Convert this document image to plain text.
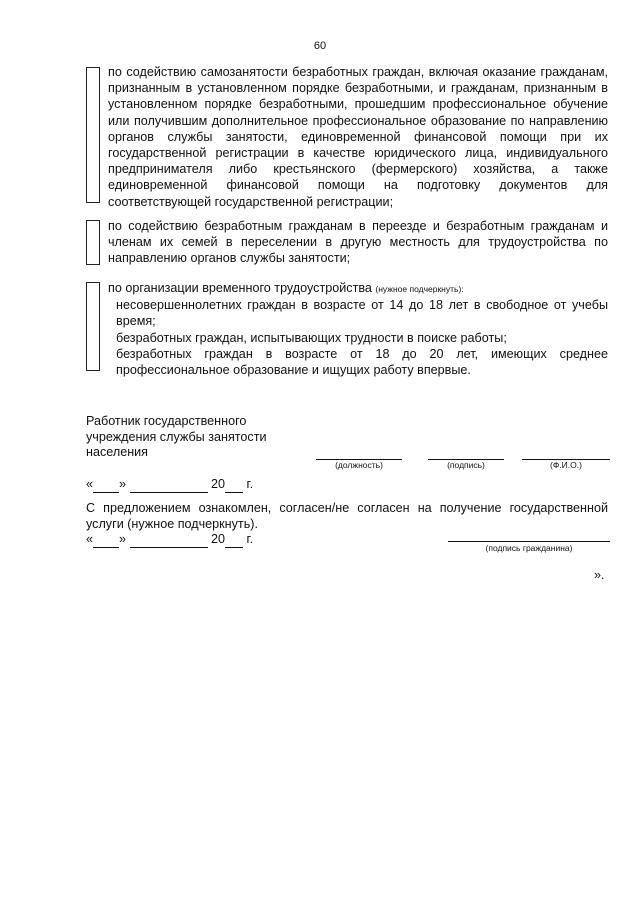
60
по содействию самозанятости безработных граждан, включая оказание гражданам, признанным в установленном порядке безработными, и гражданам, признанным в установленном порядке безработными, прошедшим профессиональное обучение или получившим дополнительное профессиональное образование по направлению органов службы занятости, единовременной финансовой помощи при их государственной регистрации в качестве юридического лица, индивидуального предпринимателя либо крестьянского (фермерского) хозяйства, а также единовременной финансовой помощи на подготовку документов для соответствующей государственной регистрации;
по содействию безработным гражданам в переезде и безработным гражданам и членам их семей в переселении в другую местность для трудоустройства по направлению органов службы занятости;
по организации временного трудоустройства (нужное подчеркнуть):
несовершеннолетних граждан в возрасте от 14 до 18 лет в свободное от учебы время;
безработных граждан, испытывающих трудности в поиске работы;
безработных граждан в возрасте от 18 до 20 лет, имеющих среднее профессиональное образование и ищущих работу впервые.
Работник государственного
учреждения службы занятости
населения
(должность)	(подпись)	(Ф.И.О.)
« »	20 г.
С предложением ознакомлен, согласен/не согласен на получение государственной услуги (нужное подчеркнуть).
« »	20 г.
(подпись гражданина)
».
